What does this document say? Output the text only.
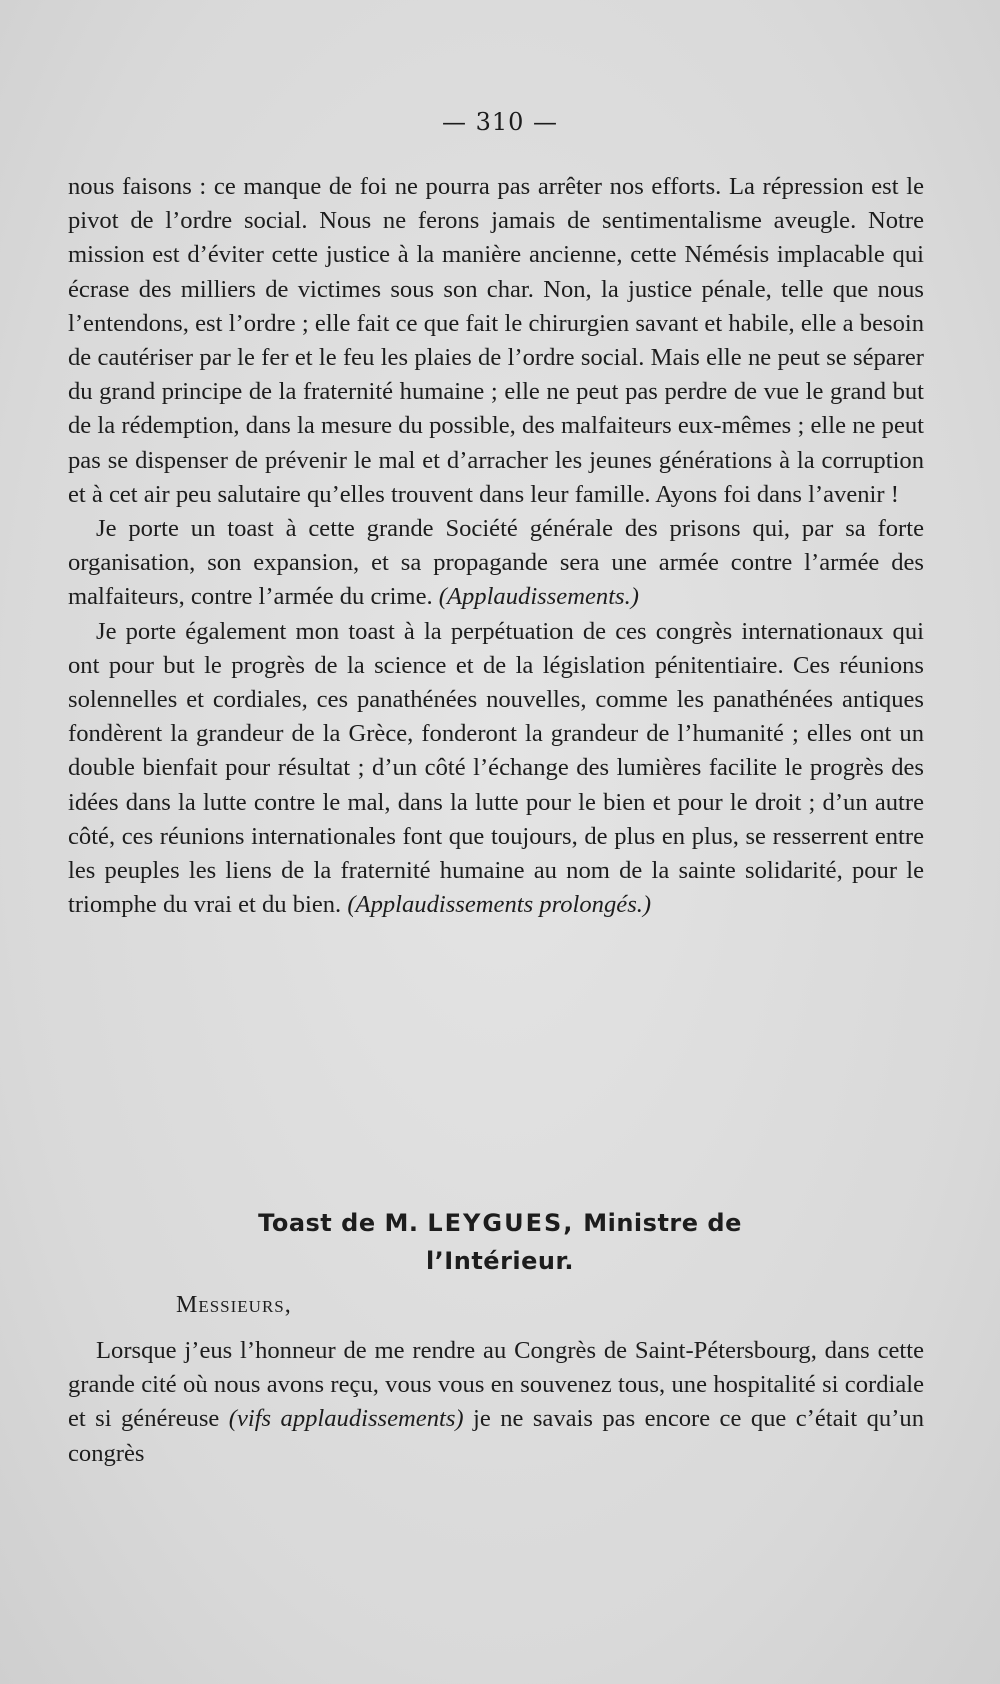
— 310 —

nous faisons : ce manque de foi ne pourra pas arrêter nos efforts. La répression est le pivot de l’ordre social. Nous ne ferons jamais de sentimentalisme aveugle. Notre mission est d’éviter cette justice à la manière ancienne, cette Némésis implacable qui écrase des milliers de victimes sous son char. Non, la justice pénale, telle que nous l’entendons, est l’ordre ; elle fait ce que fait le chirurgien savant et habile, elle a besoin de cautériser par le fer et le feu les plaies de l’ordre social. Mais elle ne peut se séparer du grand principe de la fraternité humaine ; elle ne peut pas perdre de vue le grand but de la rédemption, dans la mesure du possible, des malfaiteurs eux-mêmes ; elle ne peut pas se dispenser de prévenir le mal et d’arracher les jeunes générations à la corruption et à cet air peu salutaire qu’elles trouvent dans leur famille. Ayons foi dans l’avenir !

Je porte un toast à cette grande Société générale des prisons qui, par sa forte organisation, son expansion, et sa propagande sera une armée contre l’armée des malfaiteurs, contre l’armée du crime. (Applaudissements.)

Je porte également mon toast à la perpétuation de ces congrès internationaux qui ont pour but le progrès de la science et de la législation pénitentiaire. Ces réunions solennelles et cordiales, ces panathénées nouvelles, comme les panathénées antiques fondèrent la grandeur de la Grèce, fonderont la grandeur de l’humanité ; elles ont un double bienfait pour résultat ; d’un côté l’échange des lumières facilite le progrès des idées dans la lutte contre le mal, dans la lutte pour le bien et pour le droit ; d’un autre côté, ces réunions internationales font que toujours, de plus en plus, se resserrent entre les peuples les liens de la fraternité humaine au nom de la sainte solidarité, pour le triomphe du vrai et du bien. (Applaudissements prolongés.)

Toast de M. LEYGUES, Ministre de
l’Intérieur.
Messieurs,

Lorsque j’eus l’honneur de me rendre au Congrès de Saint-Pétersbourg, dans cette grande cité où nous avons reçu, vous vous en souvenez tous, une hospitalité si cordiale et si généreuse (vifs applaudissements) je ne savais pas encore ce que c’était qu’un congrès
